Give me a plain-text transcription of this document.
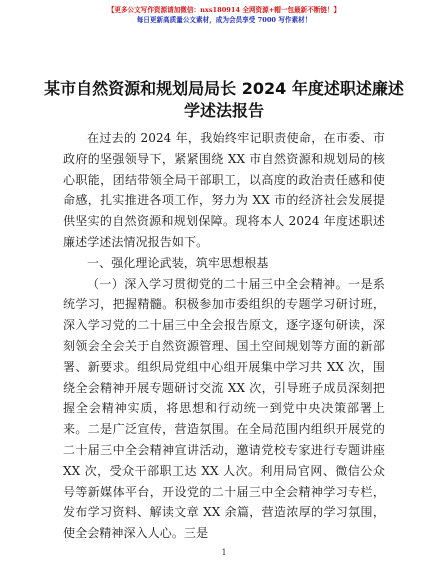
【更多公文写作资源请加微信：nxs180914 全网资源+帽一包最新不断链！】
每日更新高质量公文素材，成为会员享受 7000 写作素材！
某市自然资源和规划局局长 2024 年度述职述廉述学述法报告

在过去的 2024 年，我始终牢记职责使命，在市委、市政府的坚强领导下，紧紧围绕 XX 市自然资源和规划局的核心职能，团结带领全局干部职工，以高度的政治责任感和使命感，扎实推进各项工作，努力为 XX 市的经济社会发展提供坚实的自然资源和规划保障。现将本人 2024 年度述职述廉述学述法情况报告如下。

一、强化理论武装，筑牢思想根基

（一）深入学习贯彻党的二十届三中全会精神。一是系统学习，把握精髓。积极参加市委组织的专题学习研讨班，深入学习党的二十届三中全会报告原文，逐字逐句研读，深刻领会全会关于自然资源管理、国土空间规划等方面的新部署、新要求。组织局党组中心组开展集中学习共 XX 次，围绕全会精神开展专题研讨交流 XX 次，引导班子成员深刻把握全会精神实质，将思想和行动统一到党中央决策部署上来。二是广泛宣传，营造氛围。在全局范围内组织开展党的二十届三中全会精神宣讲活动，邀请党校专家进行专题讲座 XX 次，受众干部职工达 XX 人次。利用局官网、微信公众号等新媒体平台，开设党的二十届三中全会精神学习专栏，发布学习资料、解读文章 XX 余篇，营造浓厚的学习氛围，使全会精神深入人心。三是

1
